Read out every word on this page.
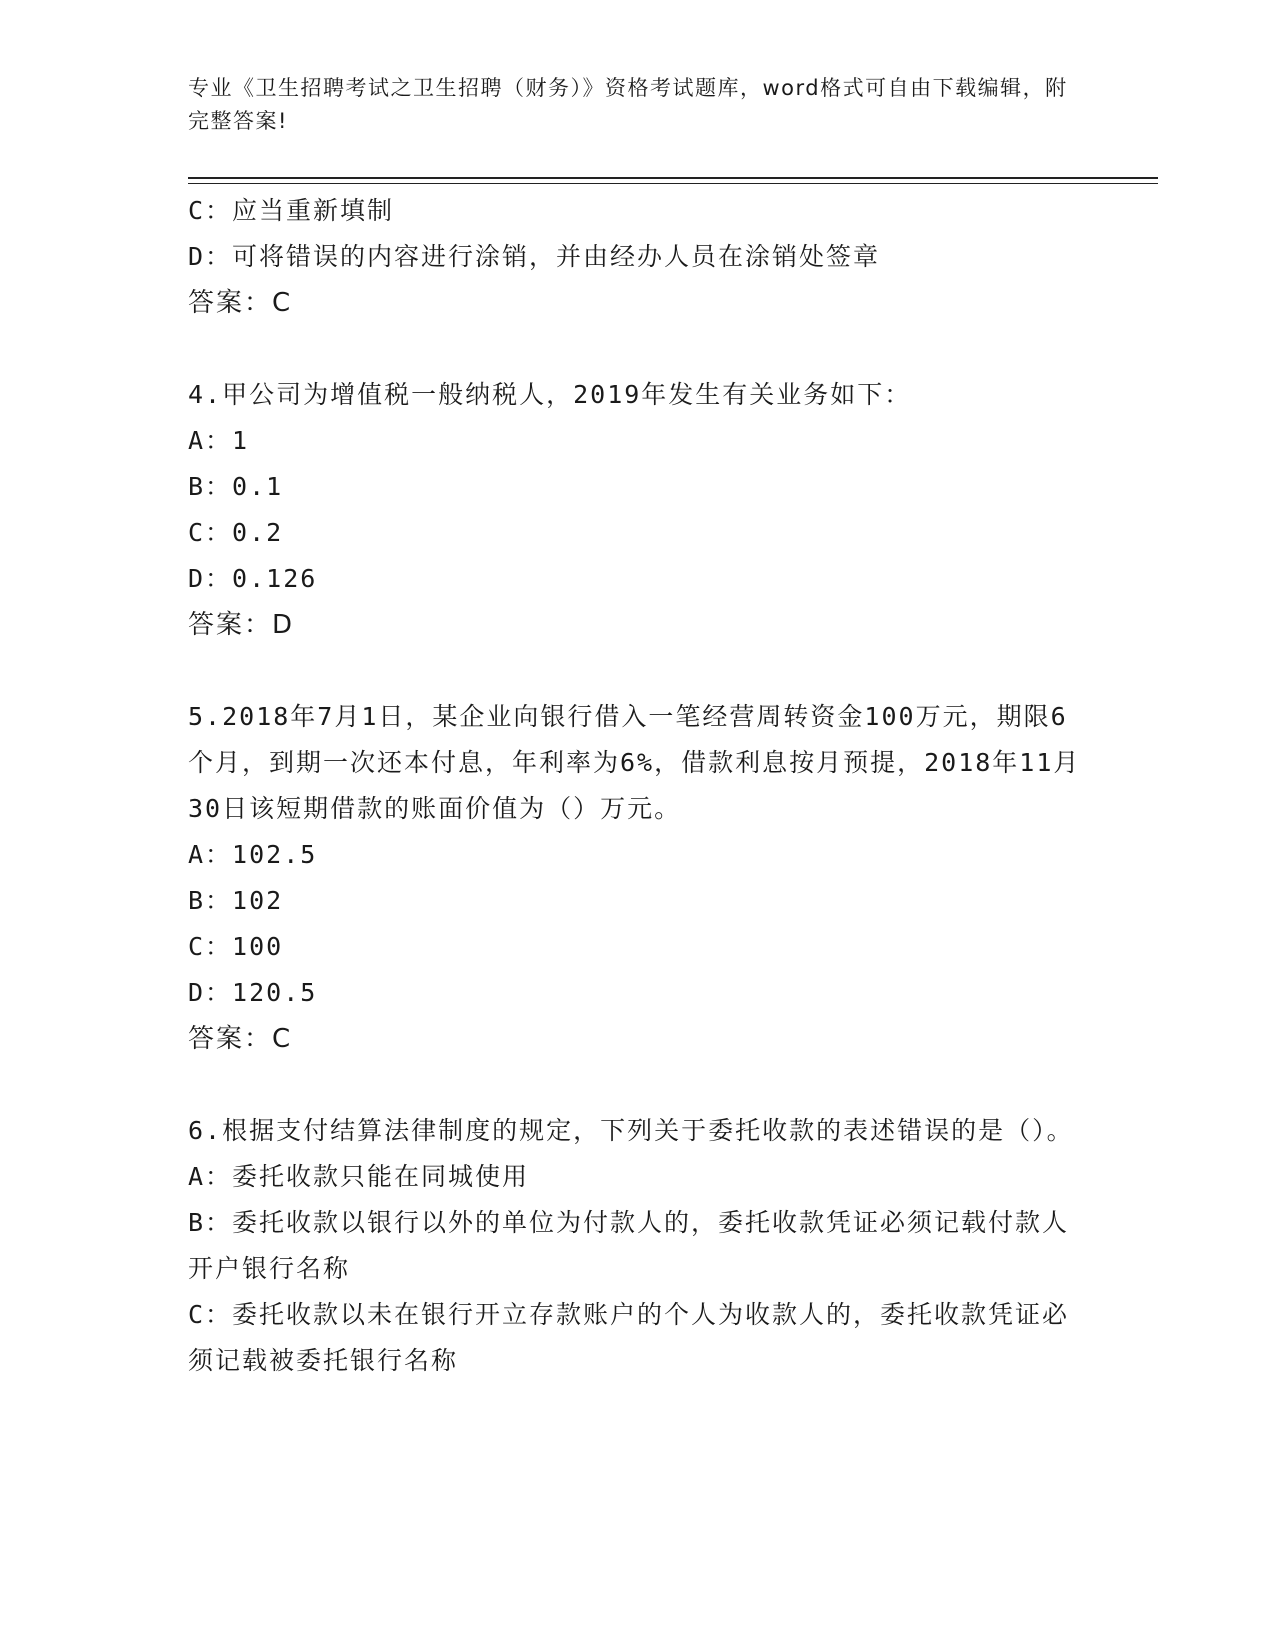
专业《卫生招聘考试之卫生招聘（财务）》资格考试题库，word格式可自由下载编辑，附完整答案!

C：应当重新填制

D：可将错误的内容进行涂销，并由经办人员在涂销处签章

答案：C

4.甲公司为增值税一般纳税人，2019年发生有关业务如下：

A：1

B：0.1

C：0.2

D：0.126

答案：D

5.2018年7月1日，某企业向银行借入一笔经营周转资金100万元，期限6个月，到期一次还本付息，年利率为6%，借款利息按月预提，2018年11月30日该短期借款的账面价值为（）万元。

A：102.5

B：102

C：100

D：120.5

答案：C

6.根据支付结算法律制度的规定，下列关于委托收款的表述错误的是（）。

A：委托收款只能在同城使用

B：委托收款以银行以外的单位为付款人的，委托收款凭证必须记载付款人开户银行名称

C：委托收款以未在银行开立存款账户的个人为收款人的，委托收款凭证必须记载被委托银行名称
